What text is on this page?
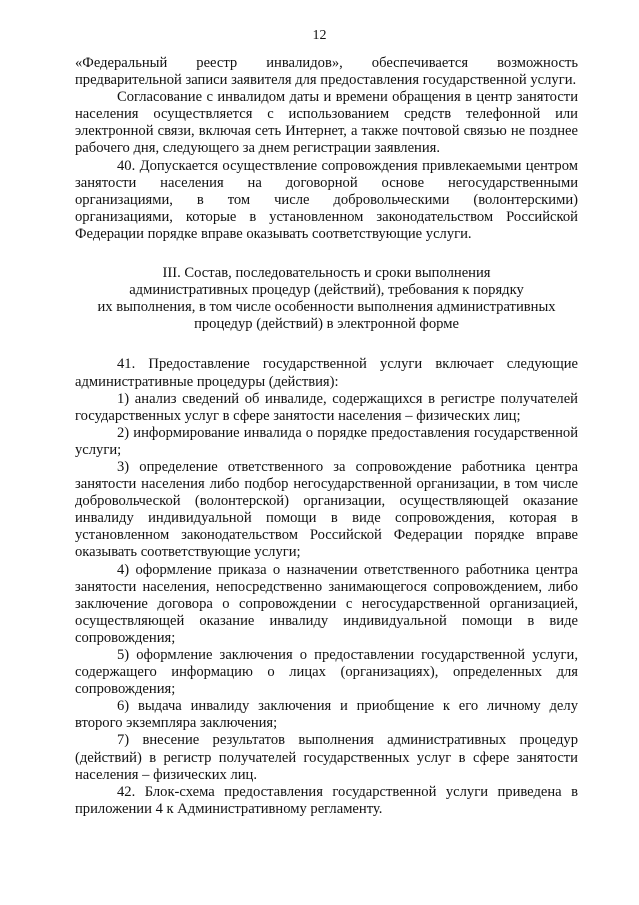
12

«Федеральный реестр инвалидов», обеспечивается возможность предварительной записи заявителя для предоставления государственной услуги.

Согласование с инвалидом даты и времени обращения в центр занятости населения осуществляется с использованием средств телефонной или электронной связи, включая сеть Интернет, а также почтовой связью не позднее рабочего дня, следующего за днем регистрации заявления.

40. Допускается осуществление сопровождения привлекаемыми центром занятости населения на договорной основе негосударственными организациями, в том числе добровольческими (волонтерскими) организациями, которые в установленном законодательством Российской Федерации порядке вправе оказывать соответствующие услуги.

III. Состав, последовательность и сроки выполнения
административных процедур (действий), требования к порядку
их выполнения, в том числе особенности выполнения административных
процедур (действий) в электронной форме

41. Предоставление государственной услуги включает следующие административные процедуры (действия):

1) анализ сведений об инвалиде, содержащихся в регистре получателей государственных услуг в сфере занятости населения – физических лиц;

2) информирование инвалида о порядке предоставления государственной услуги;

3) определение ответственного за сопровождение работника центра занятости населения либо подбор негосударственной организации, в том числе добровольческой (волонтерской) организации, осуществляющей оказание инвалиду индивидуальной помощи в виде сопровождения, которая в установленном законодательством Российской Федерации порядке вправе оказывать соответствующие услуги;

4) оформление приказа о назначении ответственного работника центра занятости населения, непосредственно занимающегося сопровождением, либо заключение договора о сопровождении с негосударственной организацией, осуществляющей оказание инвалиду индивидуальной помощи в виде сопровождения;

5) оформление заключения о предоставлении государственной услуги, содержащего информацию о лицах (организациях), определенных для сопровождения;

6) выдача инвалиду заключения и приобщение к его личному делу второго экземпляра заключения;

7) внесение результатов выполнения административных процедур (действий) в регистр получателей государственных услуг в сфере занятости населения – физических лиц.

42. Блок-схема предоставления государственной услуги приведена в приложении 4 к Административному регламенту.
